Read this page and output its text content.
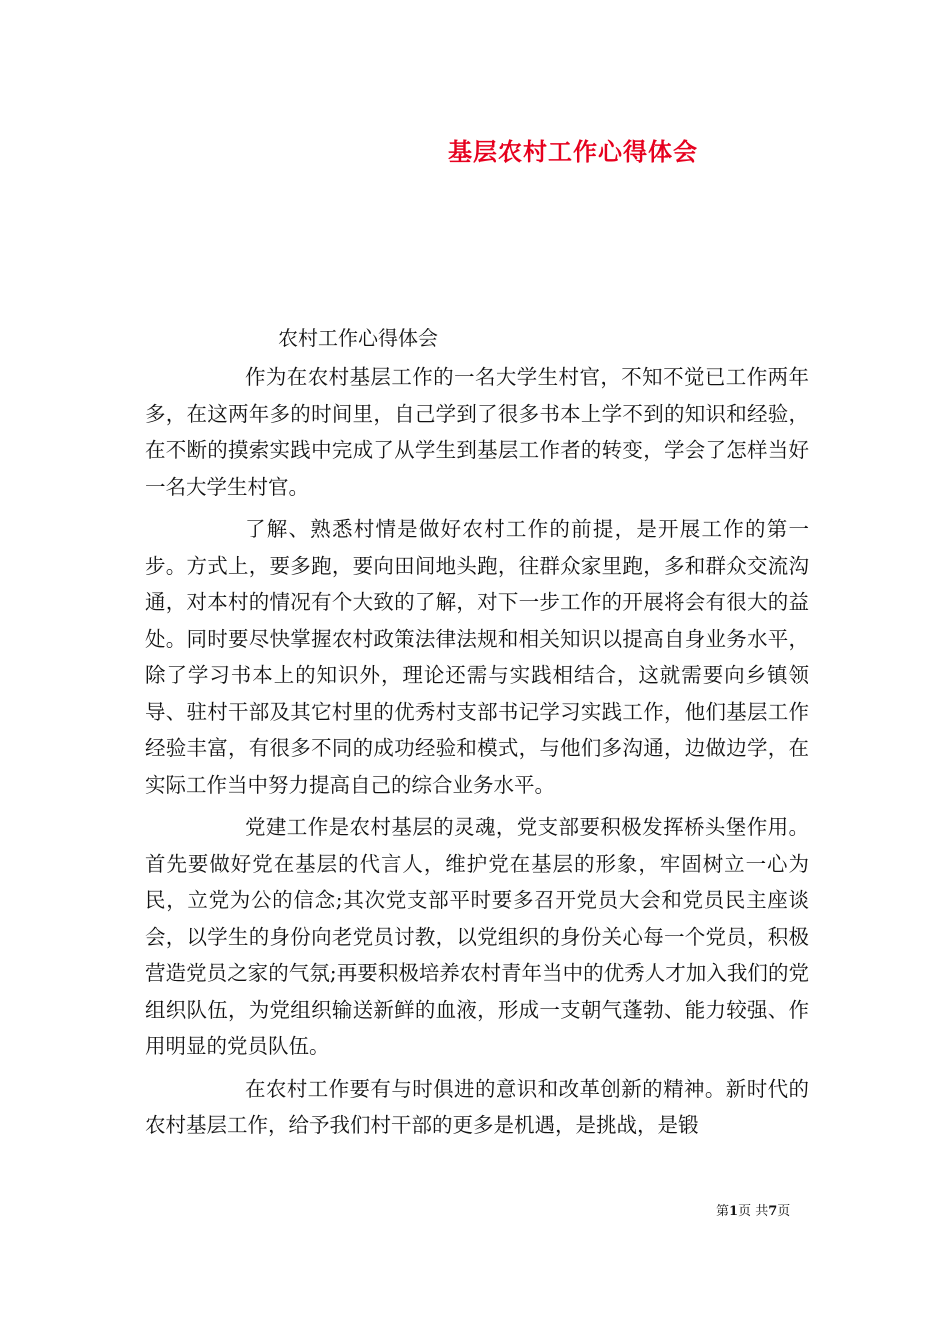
基层农村工作心得体会

农村工作心得体会

作为在农村基层工作的一名大学生村官，不知不觉已工作两年多，在这两年多的时间里，自己学到了很多书本上学不到的知识和经验，在不断的摸索实践中完成了从学生到基层工作者的转变，学会了怎样当好一名大学生村官。

了解、熟悉村情是做好农村工作的前提，是开展工作的第一步。方式上，要多跑，要向田间地头跑，往群众家里跑，多和群众交流沟通，对本村的情况有个大致的了解，对下一步工作的开展将会有很大的益处。同时要尽快掌握农村政策法律法规和相关知识以提高自身业务水平，除了学习书本上的知识外，理论还需与实践相结合，这就需要向乡镇领导、驻村干部及其它村里的优秀村支部书记学习实践工作，他们基层工作经验丰富，有很多不同的成功经验和模式，与他们多沟通，边做边学，在实际工作当中努力提高自己的综合业务水平。

党建工作是农村基层的灵魂，党支部要积极发挥桥头堡作用。首先要做好党在基层的代言人，维护党在基层的形象，牢固树立一心为民，立党为公的信念;其次党支部平时要多召开党员大会和党员民主座谈会，以学生的身份向老党员讨教，以党组织的身份关心每一个党员，积极营造党员之家的气氛;再要积极培养农村青年当中的优秀人才加入我们的党组织队伍，为党组织输送新鲜的血液，形成一支朝气蓬勃、能力较强、作用明显的党员队伍。

在农村工作要有与时俱进的意识和改革创新的精神。新时代的农村基层工作，给予我们村干部的更多是机遇，是挑战，是锻

第1页 共7页
